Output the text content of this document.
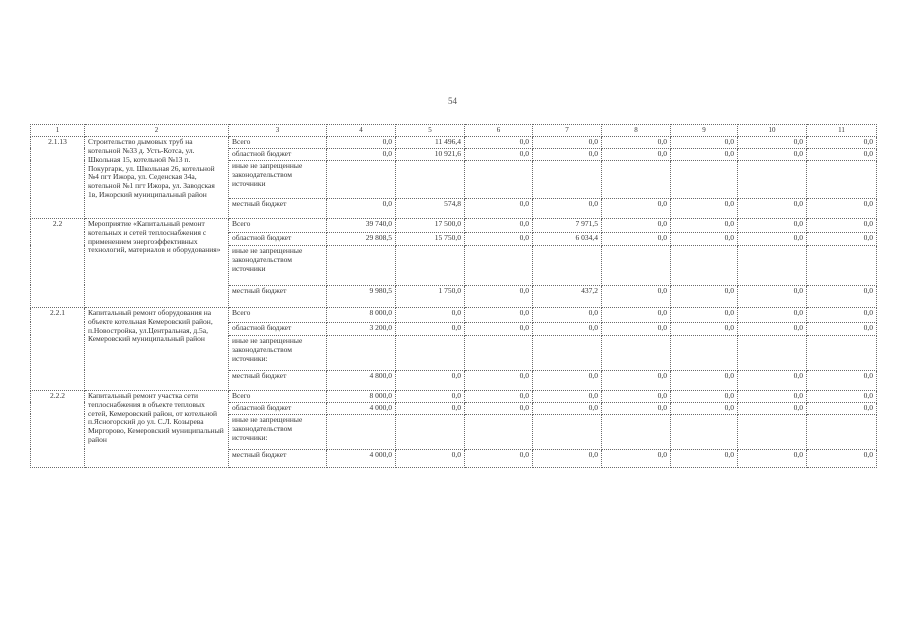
54
1	2	3	4	5	6	7	8	9	10	11
2.1.13	Строительство дымовых труб на котельной №33 д. Усть-Котса, ул. Школьная 15, котельной №13 п. Покургарк, ул. Школьная 26, котельной №4 пгт Ижора, ул. Седенская 34а, котельной №1 пгт Ижора, ул. Заводская 1в, Ижорский муниципальный район	Всего	0,0	11 496,4	0,0	0,0	0,0	0,0	0,0	0,0
		областной бюджет	0,0	10 921,6	0,0	0,0	0,0	0,0	0,0	0,0
		иные не запрещенные законодательством источники								
		местный бюджет	0,0	574,8	0,0	0,0	0,0	0,0	0,0	0,0
2.2	Мероприятие «Капитальный ремонт котельных и сетей теплоснабжения с применением энергоэффективных технологий, материалов и оборудования»	Всего	39 740,0	17 500,0	0,0	7 971,5	0,0	0,0	0,0	0,0
		областной бюджет	29 808,5	15 750,0	0,0	6 034,4	0,0	0,0	0,0	0,0
		иные не запрещенные законодательством источники								
		местный бюджет	9 980,5	1 750,0	0,0	437,2	0,0	0,0	0,0	0,0
2.2.1	Капитальный ремонт оборудования на объекте котельная Кемеровский район, п.Новостройка, ул.Центральная, д.5а, Кемеровский муниципальный район	Всего	8 000,0	0,0	0,0	0,0	0,0	0,0	0,0	0,0
		областной бюджет	3 200,0	0,0	0,0	0,0	0,0	0,0	0,0	0,0
		иные не запрещенные законодательством источники:								
		местный бюджет	4 800,0	0,0	0,0	0,0	0,0	0,0	0,0	0,0
2.2.2	Капитальный ремонт участка сети теплоснабжения в объекте тепловых сетей, Кемеровский район, от котельной п.Ясногорский до ул. С.Л. Козырева Миргорово, Кемеровский муниципальный район	Всего	8 000,0	0,0	0,0	0,0	0,0	0,0	0,0	0,0
		областной бюджет	4 000,0	0,0	0,0	0,0	0,0	0,0	0,0	0,0
		иные не запрещенные законодательством источники:								
		местный бюджет	4 000,0	0,0	0,0	0,0	0,0	0,0	0,0	0,0
